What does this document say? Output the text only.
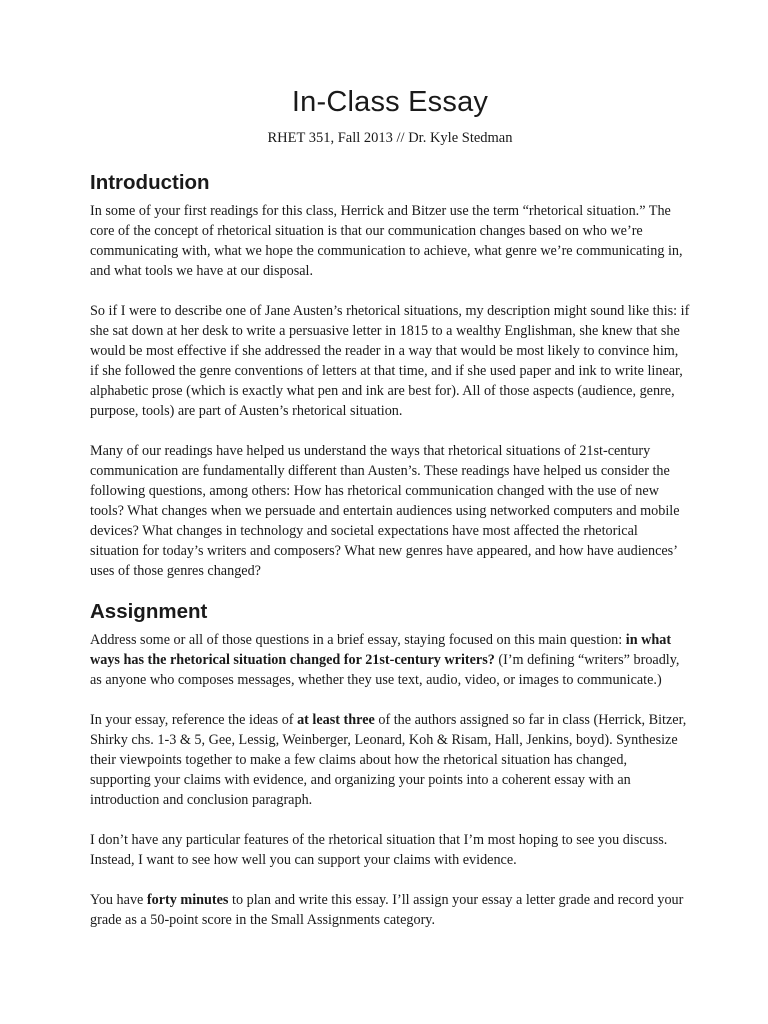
In-Class Essay
RHET 351, Fall 2013 // Dr. Kyle Stedman
Introduction

In some of your first readings for this class, Herrick and Bitzer use the term “rhetorical situation.” The core of the concept of rhetorical situation is that our communication changes based on who we’re communicating with, what we hope the communication to achieve, what genre we’re communicating in, and what tools we have at our disposal.

So if I were to describe one of Jane Austen’s rhetorical situations, my description might sound like this: if she sat down at her desk to write a persuasive letter in 1815 to a wealthy Englishman, she knew that she would be most effective if she addressed the reader in a way that would be most likely to convince him, if she followed the genre conventions of letters at that time, and if she used paper and ink to write linear, alphabetic prose (which is exactly what pen and ink are best for). All of those aspects (audience, genre, purpose, tools) are part of Austen’s rhetorical situation.

Many of our readings have helped us understand the ways that rhetorical situations of 21st-century communication are fundamentally different than Austen’s. These readings have helped us consider the following questions, among others: How has rhetorical communication changed with the use of new tools? What changes when we persuade and entertain audiences using networked computers and mobile devices? What changes in technology and societal expectations have most affected the rhetorical situation for today’s writers and composers? What new genres have appeared, and how have audiences’ uses of those genres changed?

Assignment

Address some or all of those questions in a brief essay, staying focused on this main question: in what ways has the rhetorical situation changed for 21st-century writers? (I’m defining “writers” broadly, as anyone who composes messages, whether they use text, audio, video, or images to communicate.)

In your essay, reference the ideas of at least three of the authors assigned so far in class (Herrick, Bitzer, Shirky chs. 1-3 & 5, Gee, Lessig, Weinberger, Leonard, Koh & Risam, Hall, Jenkins, boyd). Synthesize their viewpoints together to make a few claims about how the rhetorical situation has changed, supporting your claims with evidence, and organizing your points into a coherent essay with an introduction and conclusion paragraph.

I don’t have any particular features of the rhetorical situation that I’m most hoping to see you discuss. Instead, I want to see how well you can support your claims with evidence.

You have forty minutes to plan and write this essay. I’ll assign your essay a letter grade and record your grade as a 50-point score in the Small Assignments category.
